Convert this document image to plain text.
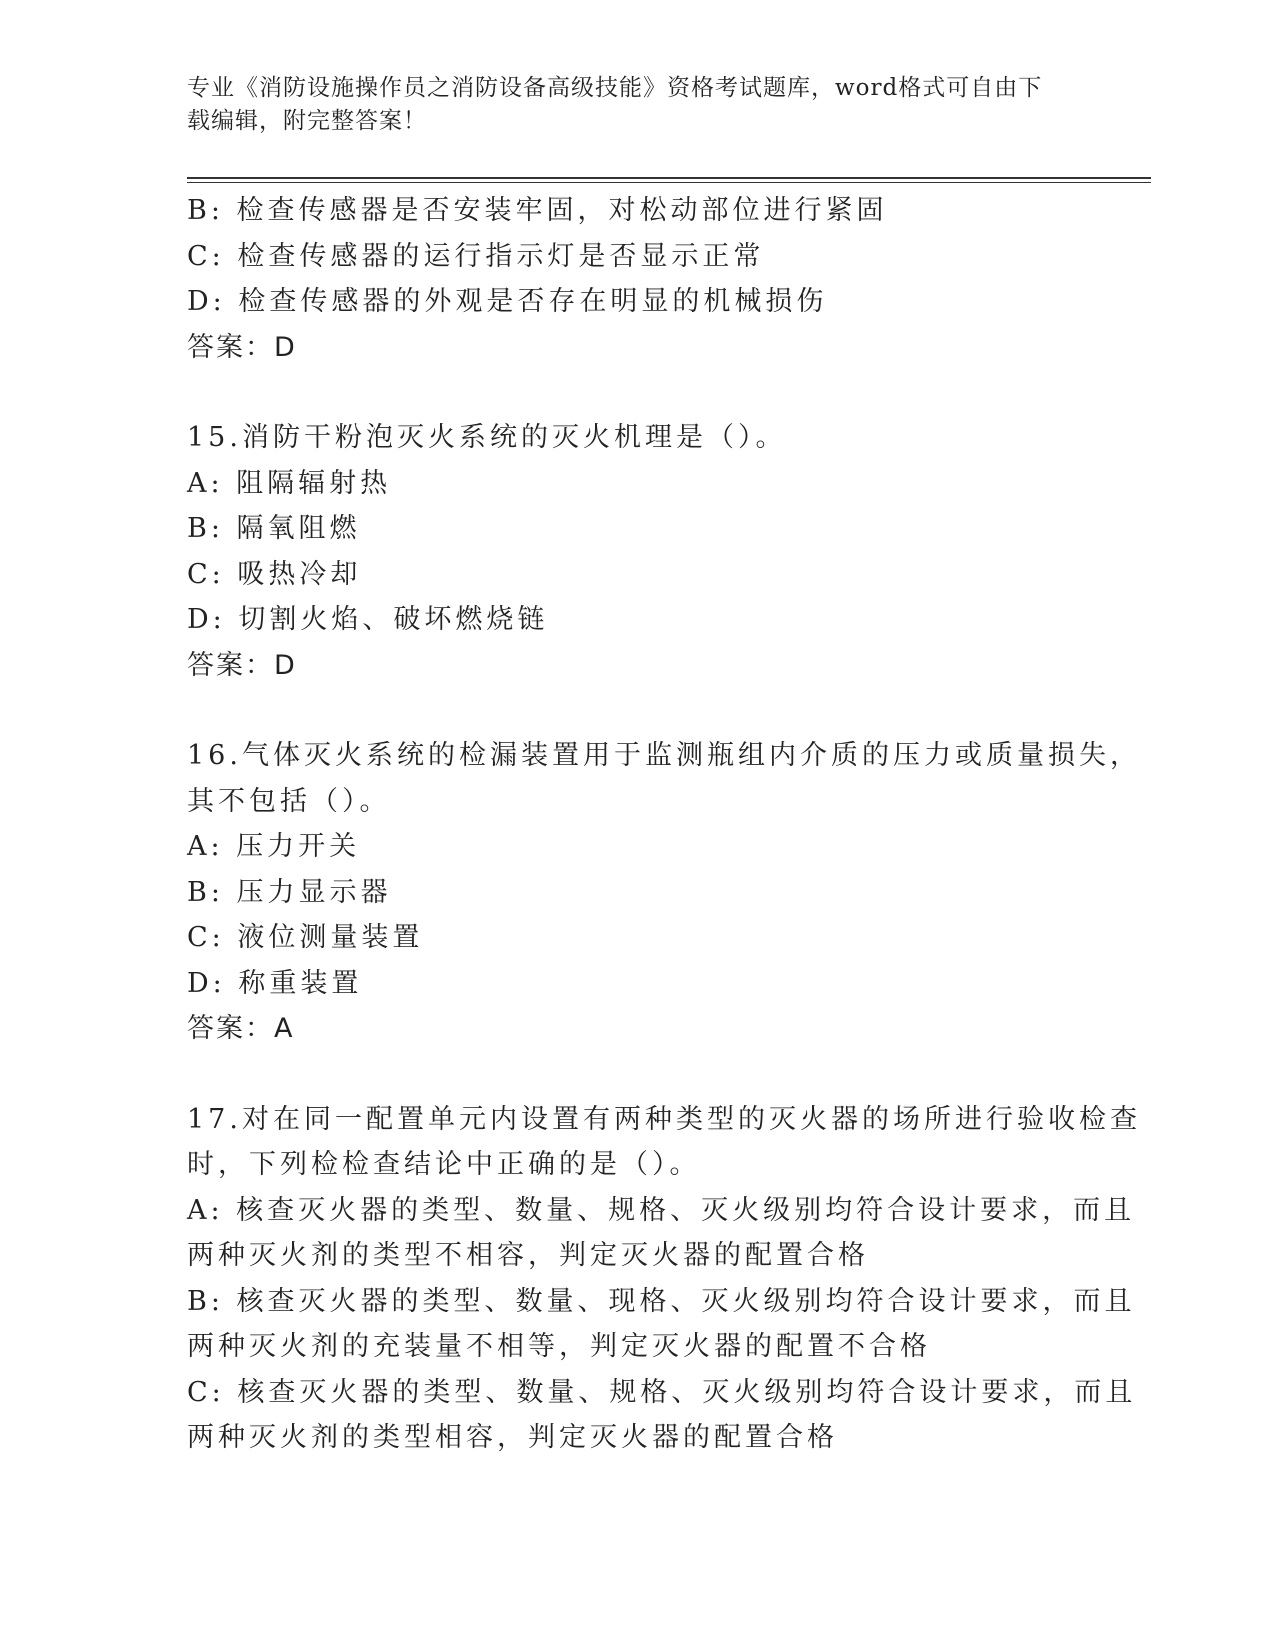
专业《消防设施操作员之消防设备高级技能》资格考试题库，word格式可自由下
载编辑，附完整答案！
B: 检查传感器是否安装牢固，对松动部位进行紧固
C: 检查传感器的运行指示灯是否显示正常
D: 检查传感器的外观是否存在明显的机械损伤
答案：D
15.消防干粉泡灭火系统的灭火机理是（）。
A: 阻隔辐射热
B: 隔氧阻燃
C: 吸热冷却
D: 切割火焰、破坏燃烧链
答案：D
16.气体灭火系统的检漏装置用于监测瓶组内介质的压力或质量损失，
其不包括（）。
A: 压力开关
B: 压力显示器
C: 液位测量装置
D: 称重装置
答案：A
17.对在同一配置单元内设置有两种类型的灭火器的场所进行验收检查
时，下列检检查结论中正确的是（）。
A: 核查灭火器的类型、数量、规格、灭火级别均符合设计要求，而且
两种灭火剂的类型不相容，判定灭火器的配置合格
B: 核查灭火器的类型、数量、现格、灭火级别均符合设计要求，而且
两种灭火剂的充装量不相等，判定灭火器的配置不合格
C: 核查灭火器的类型、数量、规格、灭火级别均符合设计要求，而且
两种灭火剂的类型相容，判定灭火器的配置合格
